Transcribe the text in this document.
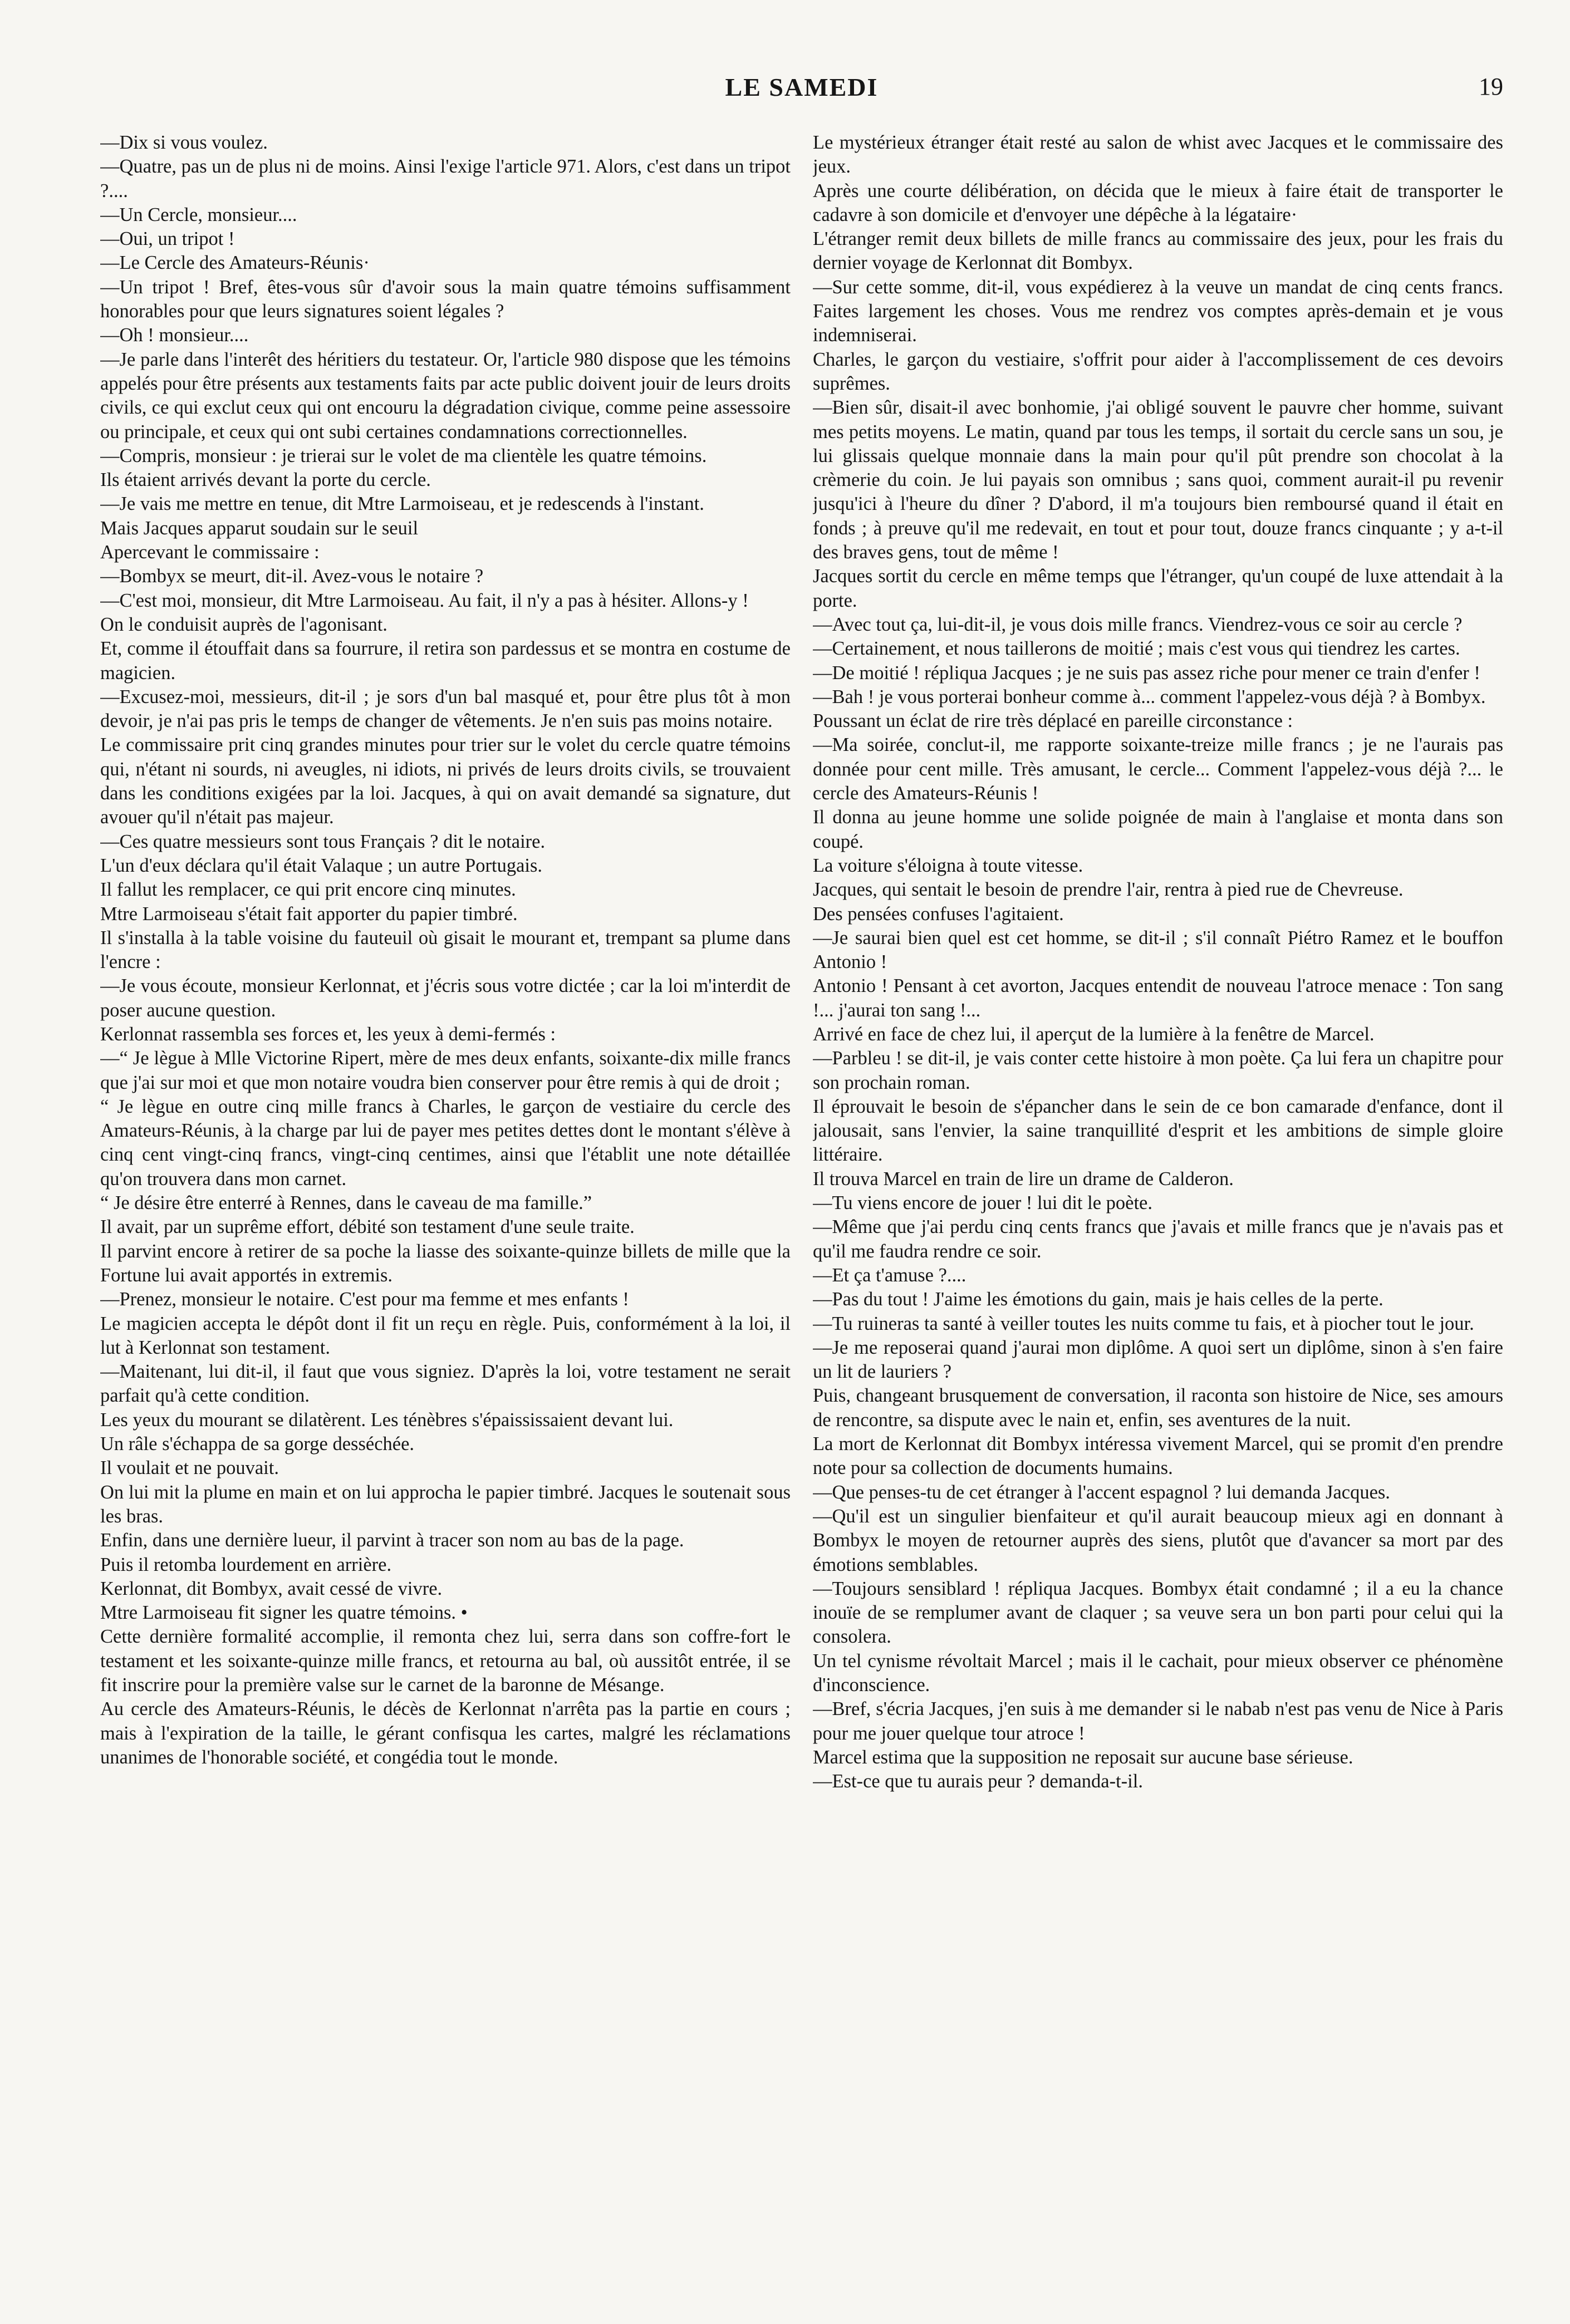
LE SAMEDI	19

—Dix si vous voulez.

—Quatre, pas un de plus ni de moins. Ainsi l'exige l'article 971. Alors, c'est dans un tripot ?....

—Un Cercle, monsieur....

—Oui, un tripot !

—Le Cercle des Amateurs-Réunis·

—Un tripot ! Bref, êtes-vous sûr d'avoir sous la main quatre témoins suffisamment honorables pour que leurs signatures soient légales ?

—Oh ! monsieur....

—Je parle dans l'interêt des héritiers du testateur. Or, l'article 980 dispose que les témoins appelés pour être présents aux testaments faits par acte public doivent jouir de leurs droits civils, ce qui exclut ceux qui ont encouru la dégradation civique, comme peine assessoire ou principale, et ceux qui ont subi certaines condamnations correctionnelles.

—Compris, monsieur : je trierai sur le volet de ma clientèle les quatre témoins.

Ils étaient arrivés devant la porte du cercle.

—Je vais me mettre en tenue, dit Mtre Larmoiseau, et je redescends à l'instant.

Mais Jacques apparut soudain sur le seuil

Apercevant le commissaire :

—Bombyx se meurt, dit-il. Avez-vous le notaire ?

—C'est moi, monsieur, dit Mtre Larmoiseau. Au fait, il n'y a pas à hésiter. Allons-y !

On le conduisit auprès de l'agonisant.

Et, comme il étouffait dans sa fourrure, il retira son pardessus et se montra en costume de magicien.

—Excusez-moi, messieurs, dit-il ; je sors d'un bal masqué et, pour être plus tôt à mon devoir, je n'ai pas pris le temps de changer de vêtements. Je n'en suis pas moins notaire.

Le commissaire prit cinq grandes minutes pour trier sur le volet du cercle quatre témoins qui, n'étant ni sourds, ni aveugles, ni idiots, ni privés de leurs droits civils, se trouvaient dans les conditions exigées par la loi. Jacques, à qui on avait demandé sa signature, dut avouer qu'il n'était pas majeur.

—Ces quatre messieurs sont tous Français ? dit le notaire.

L'un d'eux déclara qu'il était Valaque ; un autre Portugais.

Il fallut les remplacer, ce qui prit encore cinq minutes.

Mtre Larmoiseau s'était fait apporter du papier timbré.

Il s'installa à la table voisine du fauteuil où gisait le mourant et, trempant sa plume dans l'encre :

—Je vous écoute, monsieur Kerlonnat, et j'écris sous votre dictée ; car la loi m'interdit de poser aucune question.

Kerlonnat rassembla ses forces et, les yeux à demi-fermés :

—“ Je lègue à Mlle Victorine Ripert, mère de mes deux enfants, soixante-dix mille francs que j'ai sur moi et que mon notaire voudra bien conserver pour être remis à qui de droit ;

“ Je lègue en outre cinq mille francs à Charles, le garçon de vestiaire du cercle des Amateurs-Réunis, à la charge par lui de payer mes petites dettes dont le montant s'élève à cinq cent vingt-cinq francs, vingt-cinq centimes, ainsi que l'établit une note détaillée qu'on trouvera dans mon carnet.

“ Je désire être enterré à Rennes, dans le caveau de ma famille.”

Il avait, par un suprême effort, débité son testament d'une seule traite.

Il parvint encore à retirer de sa poche la liasse des soixante-quinze billets de mille que la Fortune lui avait apportés in extremis.

—Prenez, monsieur le notaire. C'est pour ma femme et mes enfants !

Le magicien accepta le dépôt dont il fit un reçu en règle. Puis, conformément à la loi, il lut à Kerlonnat son testament.

—Maitenant, lui dit-il, il faut que vous signiez. D'après la loi, votre testament ne serait parfait qu'à cette condition.

Les yeux du mourant se dilatèrent. Les ténèbres s'épaississaient devant lui.

Un râle s'échappa de sa gorge desséchée.

Il voulait et ne pouvait.

On lui mit la plume en main et on lui approcha le papier timbré. Jacques le soutenait sous les bras.

Enfin, dans une dernière lueur, il parvint à tracer son nom au bas de la page.

Puis il retomba lourdement en arrière.

Kerlonnat, dit Bombyx, avait cessé de vivre.

Mtre Larmoiseau fit signer les quatre témoins. •

Cette dernière formalité accomplie, il remonta chez lui, serra dans son coffre-fort le testament et les soixante-quinze mille francs, et retourna au bal, où aussitôt entrée, il se fit inscrire pour la première valse sur le carnet de la baronne de Mésange.

Au cercle des Amateurs-Réunis, le décès de Kerlonnat n'arrêta pas la partie en cours ; mais à l'expiration de la taille, le gérant confisqua les cartes, malgré les réclamations unanimes de l'honorable société, et congédia tout le monde.

Le mystérieux étranger était resté au salon de whist avec Jacques et le commissaire des jeux.

Après une courte délibération, on décida que le mieux à faire était de transporter le cadavre à son domicile et d'envoyer une dépêche à la légataire·

L'étranger remit deux billets de mille francs au commissaire des jeux, pour les frais du dernier voyage de Kerlonnat dit Bombyx.

—Sur cette somme, dit-il, vous expédierez à la veuve un mandat de cinq cents francs. Faites largement les choses. Vous me rendrez vos comptes après-demain et je vous indemniserai.

Charles, le garçon du vestiaire, s'offrit pour aider à l'accomplissement de ces devoirs suprêmes.

—Bien sûr, disait-il avec bonhomie, j'ai obligé souvent le pauvre cher homme, suivant mes petits moyens. Le matin, quand par tous les temps, il sortait du cercle sans un sou, je lui glissais quelque monnaie dans la main pour qu'il pût prendre son chocolat à la crèmerie du coin. Je lui payais son omnibus ; sans quoi, comment aurait-il pu revenir jusqu'ici à l'heure du dîner ? D'abord, il m'a toujours bien remboursé quand il était en fonds ; à preuve qu'il me redevait, en tout et pour tout, douze francs cinquante ; y a-t-il des braves gens, tout de même !

Jacques sortit du cercle en même temps que l'étranger, qu'un coupé de luxe attendait à la porte.

—Avec tout ça, lui-dit-il, je vous dois mille francs. Viendrez-vous ce soir au cercle ?

—Certainement, et nous taillerons de moitié ; mais c'est vous qui tiendrez les cartes.

—De moitié ! répliqua Jacques ; je ne suis pas assez riche pour mener ce train d'enfer !

—Bah ! je vous porterai bonheur comme à... comment l'appelez-vous déjà ? à Bombyx.

Poussant un éclat de rire très déplacé en pareille circonstance :

—Ma soirée, conclut-il, me rapporte soixante-treize mille francs ; je ne l'aurais pas donnée pour cent mille. Très amusant, le cercle... Comment l'appelez-vous déjà ?... le cercle des Amateurs-Réunis !

Il donna au jeune homme une solide poignée de main à l'anglaise et monta dans son coupé.

La voiture s'éloigna à toute vitesse.

Jacques, qui sentait le besoin de prendre l'air, rentra à pied rue de Chevreuse.

Des pensées confuses l'agitaient.

—Je saurai bien quel est cet homme, se dit-il ; s'il connaît Piétro Ramez et le bouffon Antonio !

Antonio ! Pensant à cet avorton, Jacques entendit de nouveau l'atroce menace : Ton sang !... j'aurai ton sang !...

Arrivé en face de chez lui, il aperçut de la lumière à la fenêtre de Marcel.

—Parbleu ! se dit-il, je vais conter cette histoire à mon poète. Ça lui fera un chapitre pour son prochain roman.

Il éprouvait le besoin de s'épancher dans le sein de ce bon camarade d'enfance, dont il jalousait, sans l'envier, la saine tranquillité d'esprit et les ambitions de simple gloire littéraire.

Il trouva Marcel en train de lire un drame de Calderon.

—Tu viens encore de jouer ! lui dit le poète.

—Même que j'ai perdu cinq cents francs que j'avais et mille francs que je n'avais pas et qu'il me faudra rendre ce soir.

—Et ça t'amuse ?....

—Pas du tout ! J'aime les émotions du gain, mais je hais celles de la perte.

—Tu ruineras ta santé à veiller toutes les nuits comme tu fais, et à piocher tout le jour.

—Je me reposerai quand j'aurai mon diplôme. A quoi sert un diplôme, sinon à s'en faire un lit de lauriers ?

Puis, changeant brusquement de conversation, il raconta son histoire de Nice, ses amours de rencontre, sa dispute avec le nain et, enfin, ses aventures de la nuit.

La mort de Kerlonnat dit Bombyx intéressa vivement Marcel, qui se promit d'en prendre note pour sa collection de documents humains.

—Que penses-tu de cet étranger à l'accent espagnol ? lui demanda Jacques.

—Qu'il est un singulier bienfaiteur et qu'il aurait beaucoup mieux agi en donnant à Bombyx le moyen de retourner auprès des siens, plutôt que d'avancer sa mort par des émotions semblables.

—Toujours sensiblard ! répliqua Jacques. Bombyx était condamné ; il a eu la chance inouïe de se remplumer avant de claquer ; sa veuve sera un bon parti pour celui qui la consolera.

Un tel cynisme révoltait Marcel ; mais il le cachait, pour mieux observer ce phénomène d'inconscience.

—Bref, s'écria Jacques, j'en suis à me demander si le nabab n'est pas venu de Nice à Paris pour me jouer quelque tour atroce !

Marcel estima que la supposition ne reposait sur aucune base sérieuse.

—Est-ce que tu aurais peur ? demanda-t-il.
